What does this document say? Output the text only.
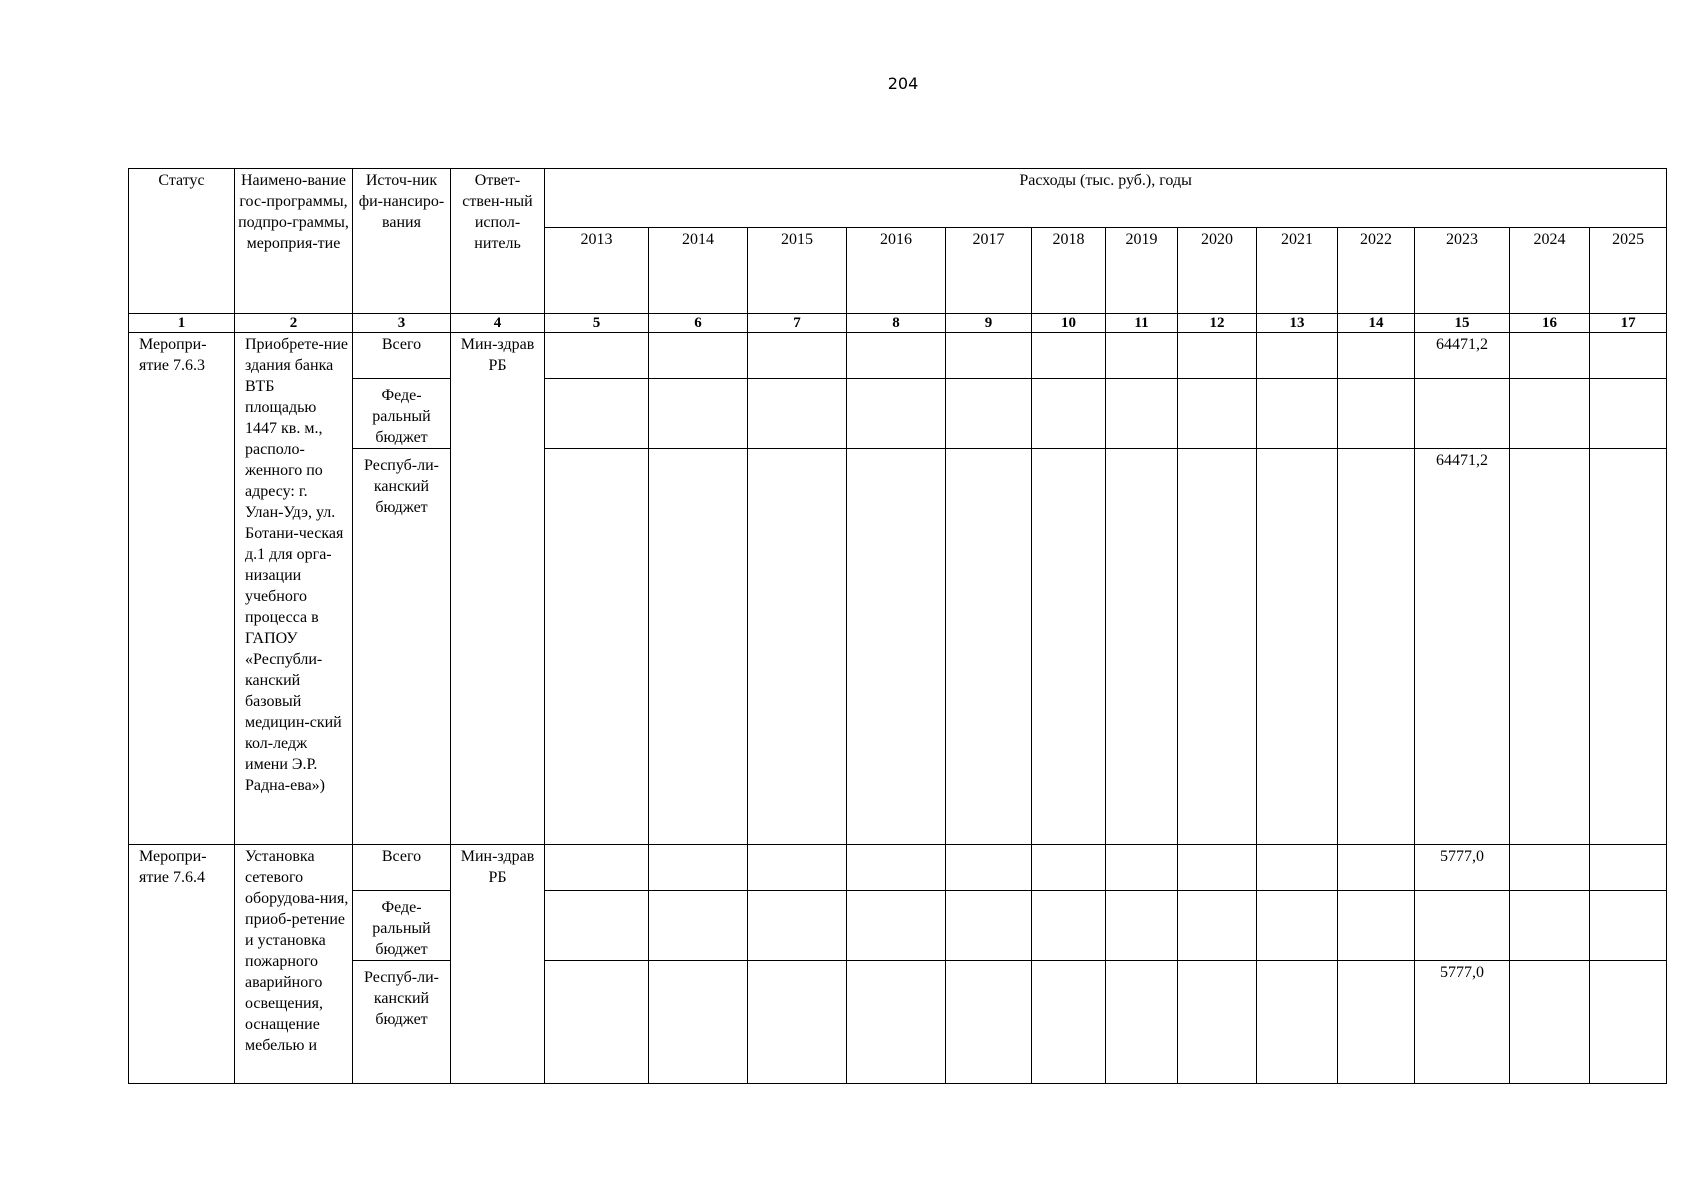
204
Статус	Наимено-вание гос-программы, подпро-граммы, мероприя-тие	Источ-ник фи-нансиро-вания	Ответ-ствен-ный испол-нитель	Расходы (тыс. руб.), годы												
				2013	2014	2015	2016	2017	2018	2019	2020	2021	2022	2023	2024	2025
1	2	3	4	5	6	7	8	9	10	11	12	13	14	15	16	17
Меропри-ятие 7.6.3	Приобрете-ние здания банка ВТБ площадью 1447 кв. м., располо-женного по адресу: г. Улан-Удэ, ул. Ботани-ческая д.1 для орга-низации учебного процесса в ГАПОУ «Республи-канский базовый медицин-ский кол-ледж имени Э.Р. Радна-ева»)	Всего	Мин-здрав РБ											64471,2		
		Феде-ральный бюджет														
		Респуб-ли-канский бюджет												64471,2		
Меропри-ятие 7.6.4	Установка сетевого оборудова-ния, приоб-ретение и установка пожарного аварийного освещения, оснащение мебелью и	Всего	Мин-здрав РБ											5777,0		
		Феде-ральный бюджет														
		Респуб-ли-канский бюджет												5777,0		
